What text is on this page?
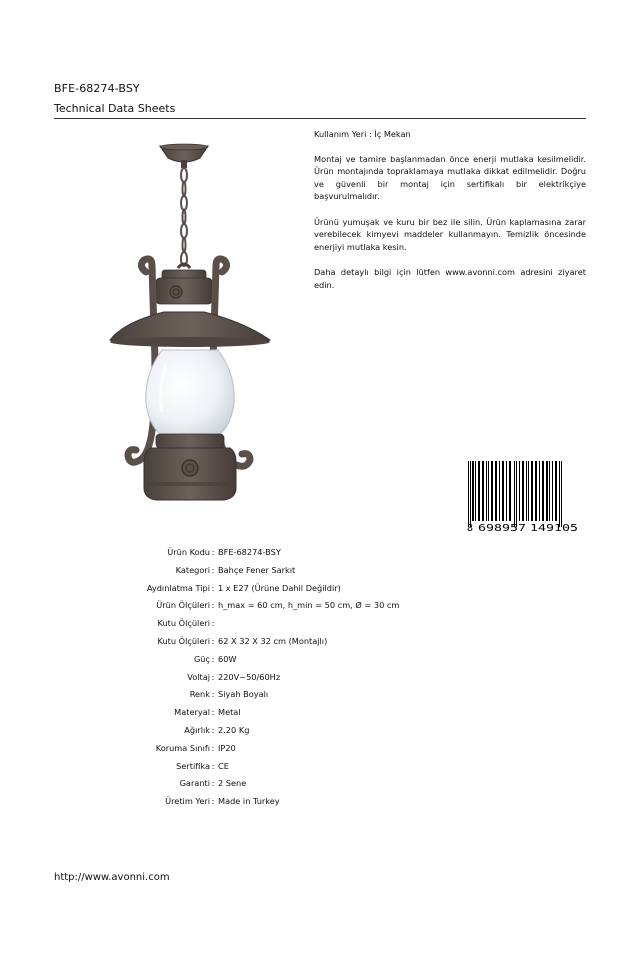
BFE-68274-BSY
Technical Data Sheets

Kullanım Yeri : İç Mekan

Montaj ve tamire başlanmadan önce enerji mutlaka kesilmelidir. Ürün montajında topraklamaya mutlaka dikkat edilmelidir. Doğru ve güvenli bir montaj için sertifikalı bir elektrikçiye başvurulmalıdır.

Ürünü yumuşak ve kuru bir bez ile silin. Ürün kaplamasına zarar verebilecek kimyevi maddeler kullanmayın. Temizlik öncesinde enerjiyi mutlaka kesin.

Daha detaylı bilgi için lütfen www.avonni.com adresini ziyaret edin.

8 698957 149105
Ürün Kodu : BFE-68274-BSY
Kategori : Bahçe Fener Sarkıt
Aydınlatma Tipi : 1 x E27 (Ürüne Dahil Değildir)
Ürün Ölçüleri : h_max = 60 cm, h_min = 50 cm, Ø = 30 cm
Kutu Ölçüleri :
Kutu Ölçüleri : 62 X 32 X 32 cm (Montajlı)
Güç : 60W
Voltaj : 220V~50/60Hz
Renk : Siyah Boyalı
Materyal : Metal
Ağırlık : 2.20 Kg
Koruma Sınıfı : IP20
Sertifika : CE
Garanti : 2 Sene
Üretim Yeri : Made in Turkey
http://www.avonni.com
